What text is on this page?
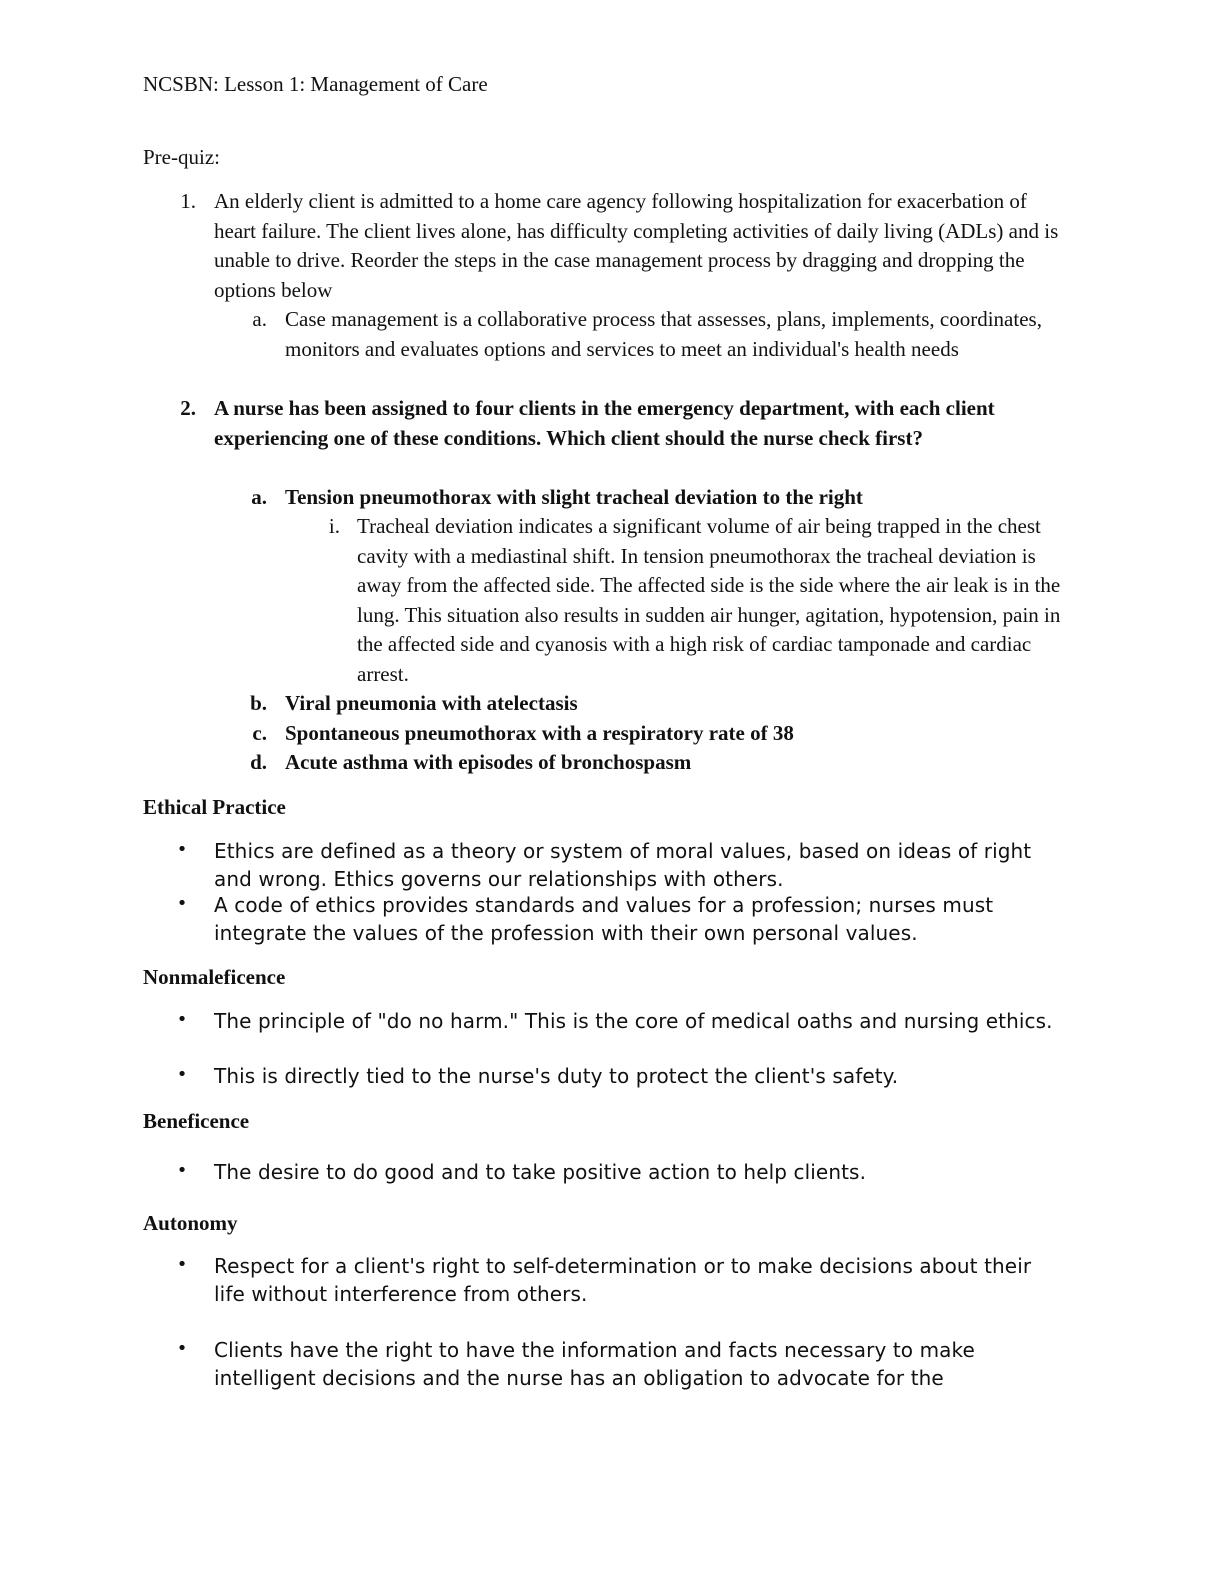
NCSBN: Lesson 1: Management of Care

Pre-quiz:

1. An elderly client is admitted to a home care agency following hospitalization for exacerbation of heart failure. The client lives alone, has difficulty completing activities of daily living (ADLs) and is unable to drive. Reorder the steps in the case management process by dragging and dropping the options below
a. Case management is a collaborative process that assesses, plans, implements, coordinates, monitors and evaluates options and services to meet an individual's health needs
2. A nurse has been assigned to four clients in the emergency department, with each client experiencing one of these conditions. Which client should the nurse check first?
a. Tension pneumothorax with slight tracheal deviation to the right
i. Tracheal deviation indicates a significant volume of air being trapped in the chest cavity with a mediastinal shift. In tension pneumothorax the tracheal deviation is away from the affected side. The affected side is the side where the air leak is in the lung. This situation also results in sudden air hunger, agitation, hypotension, pain in the affected side and cyanosis with a high risk of cardiac tamponade and cardiac arrest.
b. Viral pneumonia with atelectasis
c. Spontaneous pneumothorax with a respiratory rate of 38
d. Acute asthma with episodes of bronchospasm
Ethical Practice
• Ethics are defined as a theory or system of moral values, based on ideas of right and wrong. Ethics governs our relationships with others.
• A code of ethics provides standards and values for a profession; nurses must integrate the values of the profession with their own personal values.
Nonmaleficence
• The principle of "do no harm." This is the core of medical oaths and nursing ethics.
• This is directly tied to the nurse's duty to protect the client's safety.
Beneficence
• The desire to do good and to take positive action to help clients.
Autonomy
• Respect for a client's right to self-determination or to make decisions about their life without interference from others.
• Clients have the right to have the information and facts necessary to make intelligent decisions and the nurse has an obligation to advocate for the
